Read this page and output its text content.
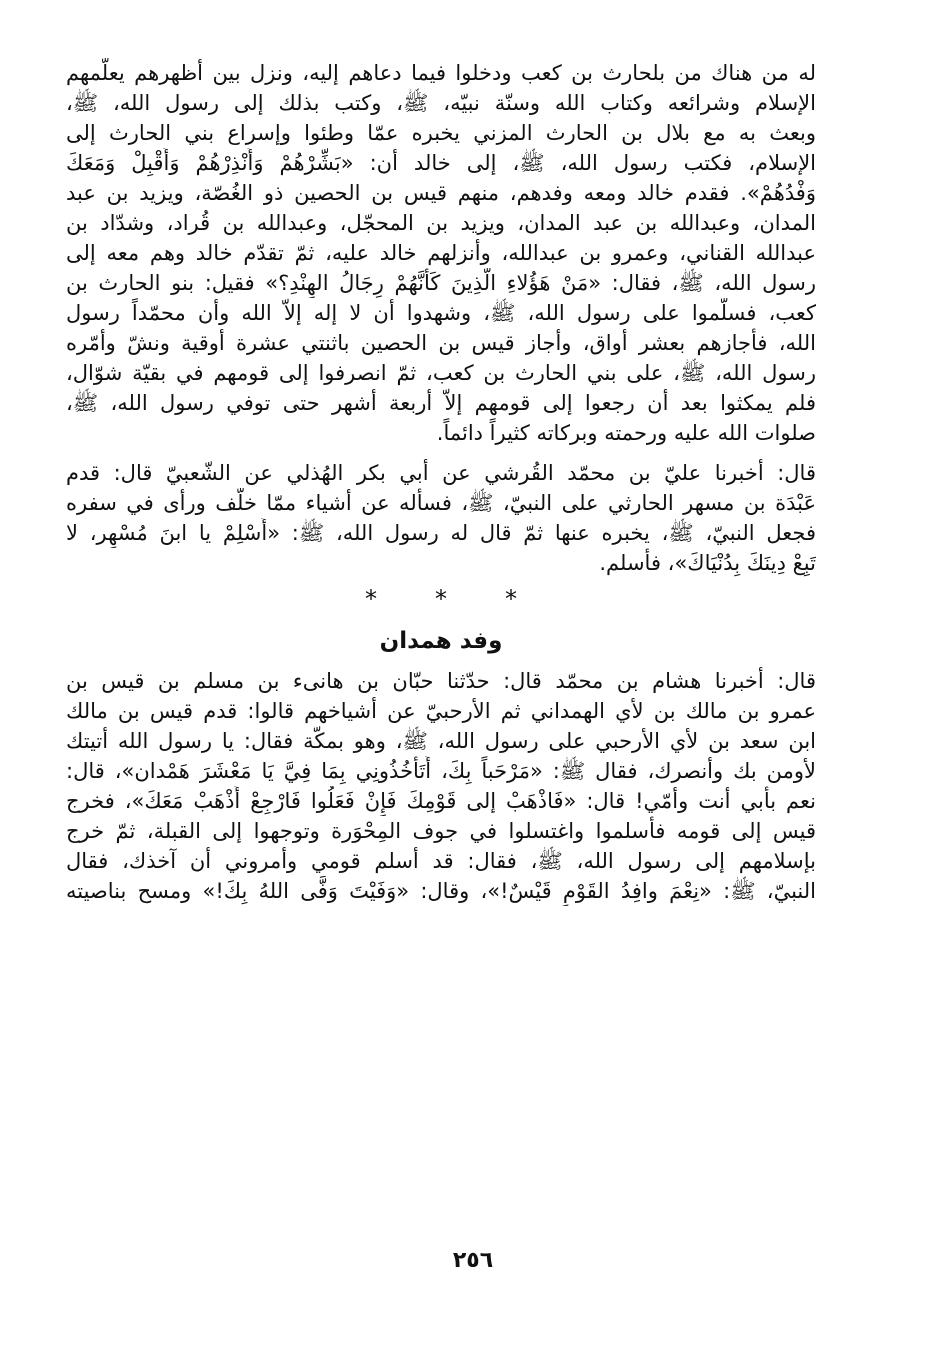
له من هناك من بلحارث بن كعب ودخلوا فيما دعاهم إليه، ونزل بين أظهرهم يعلّمهم
الإسلام وشرائعه وكتاب الله وسنّة نبيّه، ﷺ، وكتب بذلك إلى رسول الله، ﷺ،
وبعث به مع بلال بن الحارث المزني يخبره عمّا وطئوا وإسراع بني الحارث إلى
الإسلام، فكتب رسول الله، ﷺ، إلى خالد أن: «بَشِّرْهُمْ وَأَنْذِرْهُمْ وَأَقْبِلْ وَمَعَكَ
وَفْدُهُمْ». فقدم خالد ومعه وفدهم، منهم قيس بن الحصين ذو الغُصّة، ويزيد بن عبد
المدان، وعبدالله بن عبد المدان، ويزيد بن المحجّل، وعبدالله بن قُراد، وشدّاد بن
عبدالله القناني، وعمرو بن عبدالله، وأنزلهم خالد عليه، ثمّ تقدّم خالد وهم معه إلى
رسول الله، ﷺ، فقال: «مَنْ هَؤُلاءِ الَّذِينَ كَأَنَّهُمْ رِجَالُ الهِنْدِ؟» فقيل: بنو الحارث بن
كعب، فسلّموا على رسول الله، ﷺ، وشهدوا أن لا إله إلاّ الله وأن محمّداً رسول
الله، فأجازهم بعشر أواق، وأجاز قيس بن الحصين باثنتي عشرة أوقية ونشّ وأمّره
رسول الله، ﷺ، على بني الحارث بن كعب، ثمّ انصرفوا إلى قومهم في بقيّة شوّال،
فلم يمكثوا بعد أن رجعوا إلى قومهم إلاّ أربعة أشهر حتى توفي رسول الله، ﷺ،
صلوات الله عليه ورحمته وبركاته كثيراً دائماً.
قال: أخبرنا عليّ بن محمّد القُرشي عن أبي بكر الهُذلي عن الشّعبيّ قال: قدم
عَبْدَة بن مسهر الحارثي على النبيّ، ﷺ، فسأله عن أشياء ممّا خلّف ورأى في سفره
فجعل النبيّ، ﷺ، يخبره عنها ثمّ قال له رسول الله، ﷺ: «أَسْلِمْ يا ابنَ مُسْهِر، لا
تَبِعْ دِينَكَ بِدُنْيَاكَ»، فأسلم.
* * *
وفد همدان
قال: أخبرنا هشام بن محمّد قال: حدّثنا حبّان بن هانىء بن مسلم بن قيس بن
عمرو بن مالك بن لأي الهمداني ثم الأرحبيّ عن أشياخهم قالوا: قدم قيس بن مالك
ابن سعد بن لأي الأرحبي على رسول الله، ﷺ، وهو بمكّة فقال: يا رسول الله أتيتك
لأومن بك وأنصرك، فقال ﷺ: «مَرْحَباً بِكَ، أَتَأْخُذُونِي بِمَا فِيَّ يَا مَعْشَرَ هَمْدان»، قال:
نعم بأبي أنت وأمّي! قال: «فَاذْهَبْ إلى قَوْمِكَ فَإِنْ فَعَلُوا فَارْجِعْ أَذْهَبْ مَعَكَ»، فخرج
قيس إلى قومه فأسلموا واغتسلوا في جوف المِحْوَرة وتوجهوا إلى القبلة، ثمّ خرج
بإسلامهم إلى رسول الله، ﷺ، فقال: قد أسلم قومي وأمروني أن آخذك، فقال
النبيّ، ﷺ: «نِعْمَ وافِدُ القَوْمِ قَيْسٌ!»، وقال: «وَفَيْتَ وَفَّى اللهُ بِكَ!» ومسح بناصيته
٢٥٦
